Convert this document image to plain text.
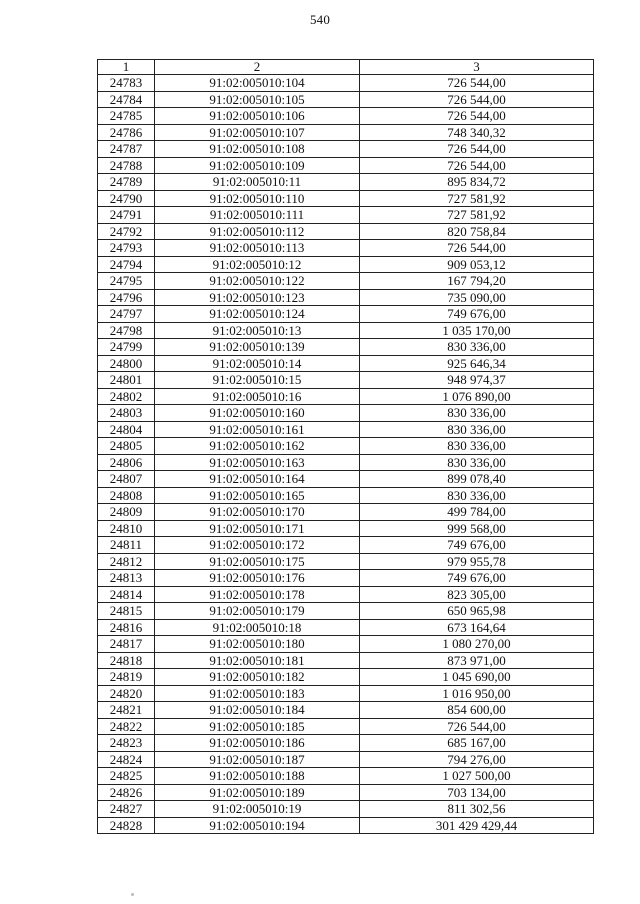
540
1	2	3
24783	91:02:005010:104	726 544,00
24784	91:02:005010:105	726 544,00
24785	91:02:005010:106	726 544,00
24786	91:02:005010:107	748 340,32
24787	91:02:005010:108	726 544,00
24788	91:02:005010:109	726 544,00
24789	91:02:005010:11	895 834,72
24790	91:02:005010:110	727 581,92
24791	91:02:005010:111	727 581,92
24792	91:02:005010:112	820 758,84
24793	91:02:005010:113	726 544,00
24794	91:02:005010:12	909 053,12
24795	91:02:005010:122	167 794,20
24796	91:02:005010:123	735 090,00
24797	91:02:005010:124	749 676,00
24798	91:02:005010:13	1 035 170,00
24799	91:02:005010:139	830 336,00
24800	91:02:005010:14	925 646,34
24801	91:02:005010:15	948 974,37
24802	91:02:005010:16	1 076 890,00
24803	91:02:005010:160	830 336,00
24804	91:02:005010:161	830 336,00
24805	91:02:005010:162	830 336,00
24806	91:02:005010:163	830 336,00
24807	91:02:005010:164	899 078,40
24808	91:02:005010:165	830 336,00
24809	91:02:005010:170	499 784,00
24810	91:02:005010:171	999 568,00
24811	91:02:005010:172	749 676,00
24812	91:02:005010:175	979 955,78
24813	91:02:005010:176	749 676,00
24814	91:02:005010:178	823 305,00
24815	91:02:005010:179	650 965,98
24816	91:02:005010:18	673 164,64
24817	91:02:005010:180	1 080 270,00
24818	91:02:005010:181	873 971,00
24819	91:02:005010:182	1 045 690,00
24820	91:02:005010:183	1 016 950,00
24821	91:02:005010:184	854 600,00
24822	91:02:005010:185	726 544,00
24823	91:02:005010:186	685 167,00
24824	91:02:005010:187	794 276,00
24825	91:02:005010:188	1 027 500,00
24826	91:02:005010:189	703 134,00
24827	91:02:005010:19	811 302,56
24828	91:02:005010:194	301 429 429,44
